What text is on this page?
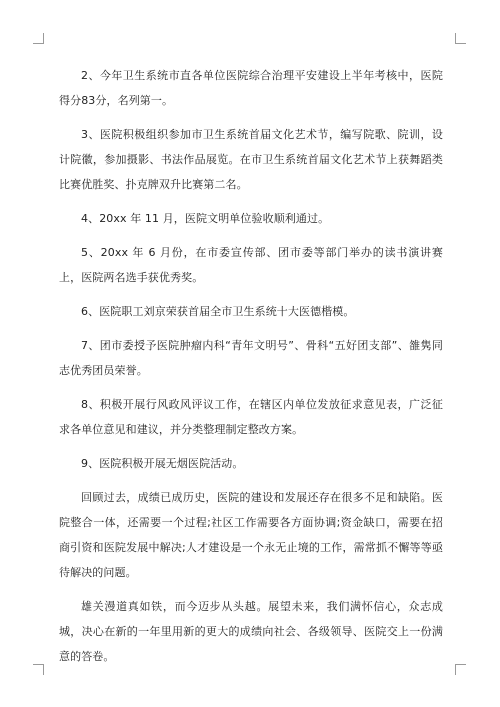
2、今年卫生系统市直各单位医院综合治理平安建设上半年考核中，医院得分83分，名列第一。

3、医院积极组织参加市卫生系统首届文化艺术节，编写院歌、院训，设计院徽，参加摄影、书法作品展览。在市卫生系统首届文化艺术节上获舞蹈类比赛优胜奖、扑克牌双升比赛第二名。

4、20xx 年 11 月，医院文明单位验收顺利通过。

5、20xx 年 6 月份，在市委宣传部、团市委等部门举办的读书演讲赛上，医院两名选手获优秀奖。

6、医院职工刘京荣获首届全市卫生系统十大医德楷模。

7、团市委授予医院肿瘤内科“青年文明号”、骨科“五好团支部”、雒隽同志优秀团员荣誉。

8、积极开展行风政风评议工作，在辖区内单位发放征求意见表，广泛征求各单位意见和建议，并分类整理制定整改方案。

9、医院积极开展无烟医院活动。

回顾过去，成绩已成历史，医院的建设和发展还存在很多不足和缺陷。医院整合一体，还需要一个过程;社区工作需要各方面协调;资金缺口，需要在招商引资和医院发展中解决;人才建设是一个永无止境的工作，需常抓不懈等等亟待解决的问题。

雄关漫道真如铁，而今迈步从头越。展望未来，我们满怀信心，众志成城，决心在新的一年里用新的更大的成绩向社会、各级领导、医院交上一份满意的答卷。
